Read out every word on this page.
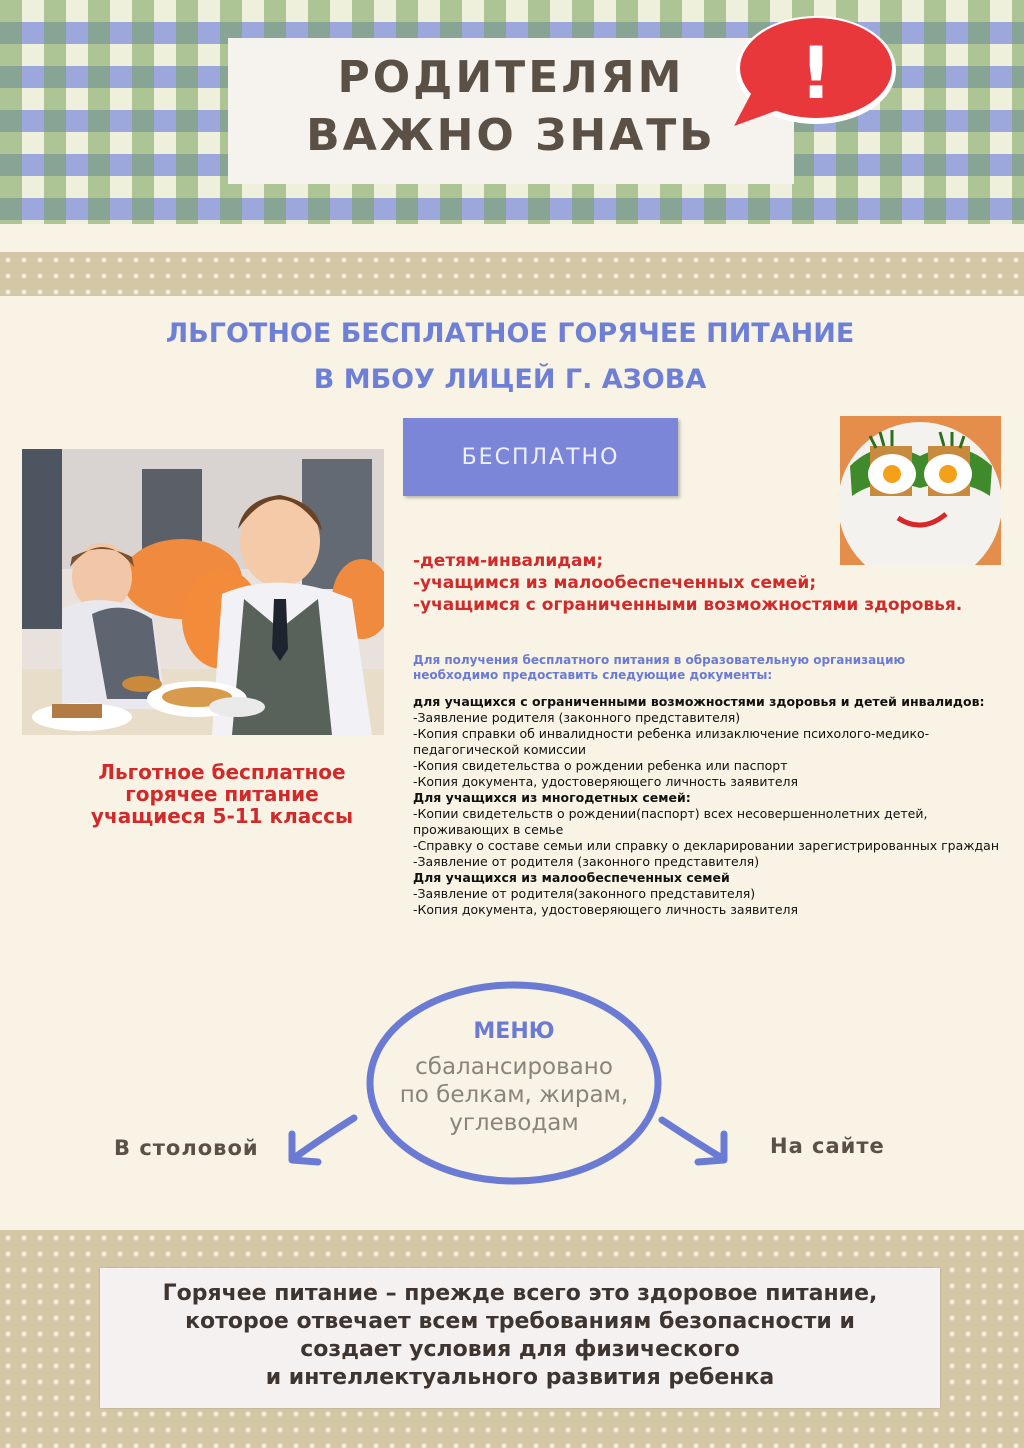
РОДИТЕЛЯМ
ВАЖНО ЗНАТЬ
!
ЛЬГОТНОЕ БЕСПЛАТНОЕ ГОРЯЧЕЕ ПИТАНИЕ
В МБОУ ЛИЦЕЙ Г. АЗОВА
БЕСПЛАТНО
-детям-инвалидам;
-учащимся из малообеспеченных семей;
-учащимся с ограниченными возможностями здоровья.
Льготное бесплатное
горячее питание
учащиеся 5-11 классы
Для получения бесплатного питания в образовательную организацию необходимо предоставить следующие документы:
для учащихся с ограниченными возможностями здоровья и детей инвалидов:
-Заявление родителя (законного представителя)
-Копия справки об инвалидности ребенка илизаключение психолого-медико-педагогической комиссии
-Копия свидетельства о рождении ребенка или паспорт
-Копия документа, удостоверяющего личность заявителя
Для учащихся из многодетных семей:
-Копии свидетельств о рождении(паспорт) всех несовершеннолетних детей, проживающих в семье
-Справку о составе семьи или справку о декларировании зарегистрированных граждан
-Заявление от родителя (законного представителя)
Для учащихся из малообеспеченных семей
-Заявление от родителя(законного представителя)
-Копия документа, удостоверяющего личность заявителя
МЕНЮ
сбалансировано
по белкам, жирам,
углеводам
В столовой	На сайте
Горячее питание – прежде всего это здоровое питание,
которое отвечает всем требованиям безопасности и
создает условия для физического
и интеллектуального развития ребенка
